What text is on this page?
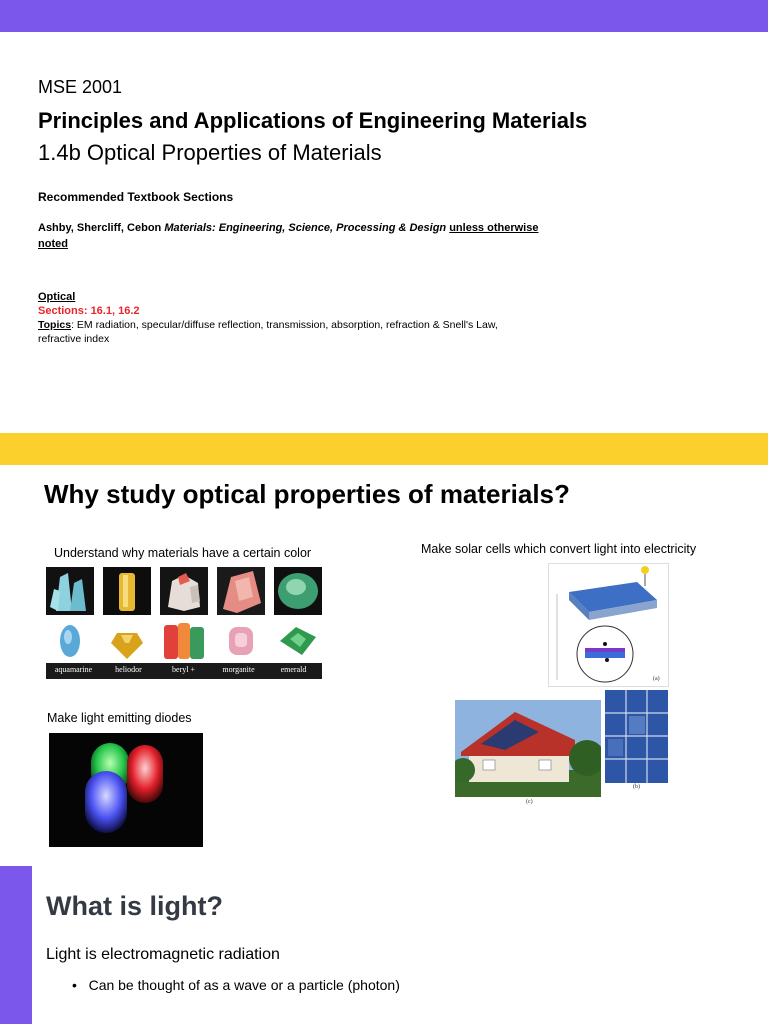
MSE 2001
Principles and Applications of Engineering Materials
1.4b Optical Properties of Materials
Recommended Textbook Sections
Ashby, Shercliff, Cebon Materials: Engineering, Science, Processing & Design unless otherwise noted
Optical
Sections: 16.1, 16.2
Topics: EM radiation, specular/diffuse reflection, transmission, absorption, refraction & Snell's Law, refractive index
Why study optical properties of materials?
Understand why materials have a certain color	Make solar cells which convert light into electricity
aquamarine	heliodor	beryl +	morganite	emerald
Make light emitting diodes
(a)
(c)
(b)
What is light?
Light is electromagnetic radiation
• Can be thought of as a wave or a particle (photon)
